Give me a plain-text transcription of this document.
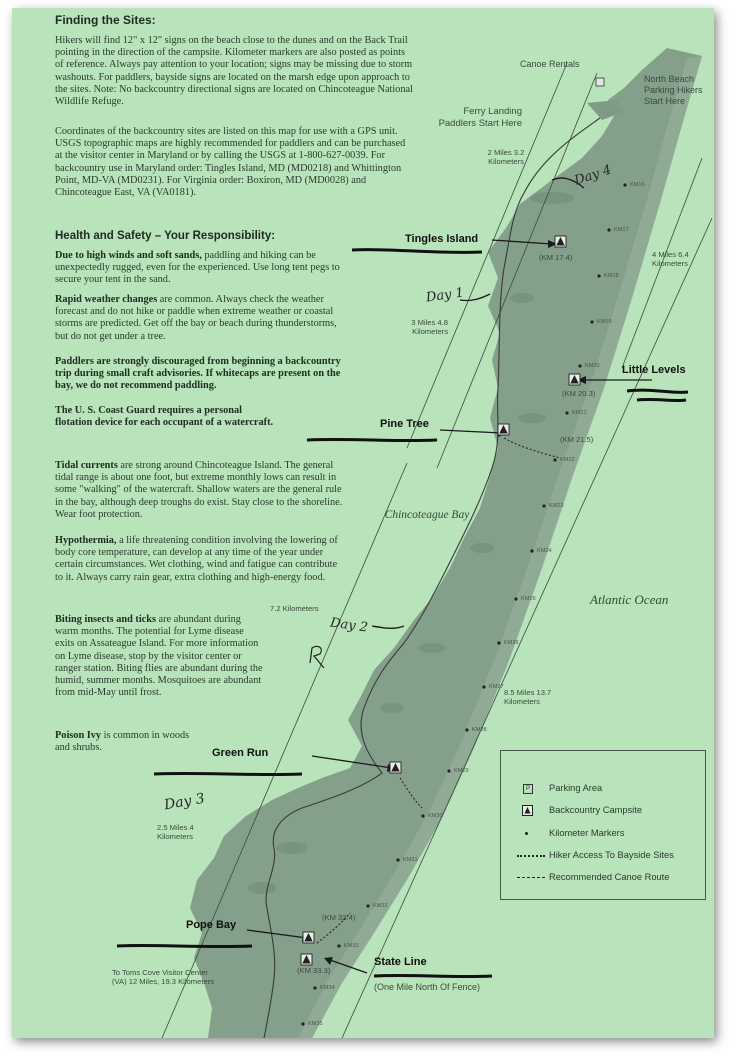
Finding the Sites:
Hikers will find 12" x 12" signs on the beach close to the dunes and on the Back Trail pointing in the direction of the campsite. Kilometer markers are also posted as points of reference. Always pay attention to your location; signs may be missing due to storm washouts. For paddlers, bayside signs are located on the marsh edge upon approach to the sites. Note: No backcountry directional signs are located on Chincoteague National Wildlife Refuge.
Coordinates of the backcountry sites are listed on this map for use with a GPS unit. USGS topographic maps are highly recommended for paddlers and can be purchased at the visitor center in Maryland or by calling the USGS at 1-800-627-0039. For backcountry use in Maryland order: Tingles Island, MD (MD0218) and Whittington Point, MD-VA (MD0231). For Virginia order: Boxiron, MD (MD0028) and Chincoteague East, VA (VA0181).
Health and Safety – Your Responsibility:
Due to high winds and soft sands, paddling and hiking can be unexpectedly rugged, even for the experienced. Use long tent pegs to secure your tent in the sand.
Rapid weather changes are common. Always check the weather forecast and do not hike or paddle when extreme weather or coastal storms are predicted. Get off the bay or beach during thunderstorms, but do not get under a tree.
Paddlers are strongly discouraged from beginning a backcountry trip during small craft advisories. If whitecaps are present on the bay, we do not recommend paddling.
The U. S. Coast Guard requires a personal flotation device for each occupant of a watercraft.
Tidal currents are strong around Chincoteague Island. The general tidal range is about one foot, but extreme monthly lows can result in some "walking" of the watercraft. Shallow waters are the general rule in the bay, although deep troughs do exist. Stay close to the shoreline. Wear foot protection.
Hypothermia, a life threatening condition involving the lowering of body core temperature, can develop at any time of the year under certain circumstances. Wet clothing, wind and fatigue can contribute to it. Always carry rain gear, extra clothing and high-energy food.
Biting insects and ticks are abundant during warm months. The potential for Lyme disease exits on Assateague Island. For more information on Lyme disease, stop by the visitor center or ranger station. Biting flies are abundant during the humid, summer months. Mosquitoes are abundant from mid-May until frost.
Poison Ivy is common in woods and shrubs.
Canoe Rentals
North Beach Parking Hikers Start Here
Ferry Landing Paddlers Start Here
2 Miles 3.2 Kilometers
4 Miles 6.4 Kilometers
3 Miles 4.8 Kilometers
7.2 Kilometers
8.5 Miles 13.7 Kilometers
2.5 Miles 4 Kilometers
To Toms Cove Visitor Center (VA) 12 Miles, 19.3 Kilometers
Chincoteague Bay
Atlantic Ocean
(KM 17.4)
(KM 20.3)
(KM 21.5)
(KM 32.4)
(KM 33.3)
(One Mile North Of Fence)
KM16
KM17
KM18
KM19
KM20
KM21
KM22
KM23
KM24
KM25
KM26
KM27
KM28
KM29
KM30
KM31
KM32
KM33
KM34
KM35
Tingles Island
Little Levels
Pine Tree
Green Run
Pope Bay
State Line
Day 4
Day 1
Day 2
Day 3
P	Parking Area
Backcountry Campsite
Kilometer Markers
Hiker Access To Bayside Sites
Recommended Canoe Route
